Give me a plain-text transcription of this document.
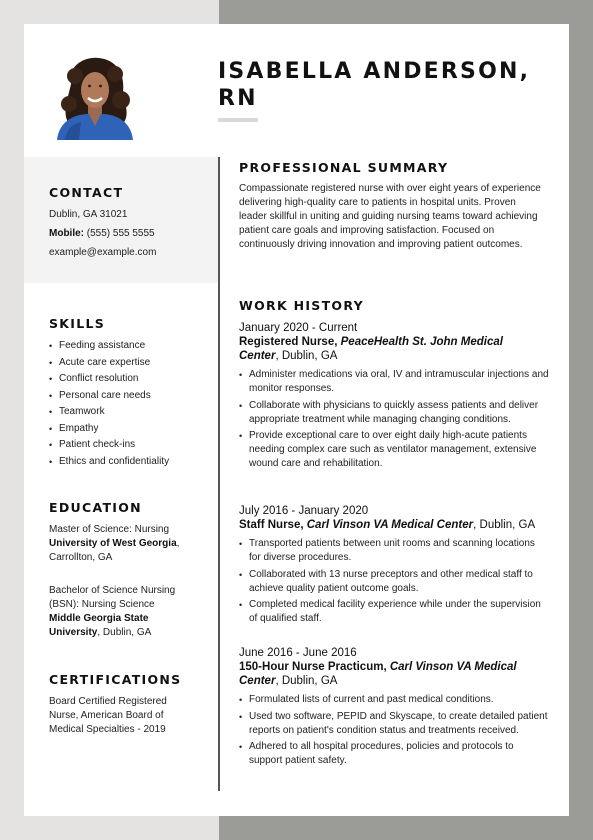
ISABELLA ANDERSON,
RN
CONTACT
Dublin, GA 31021
Mobile: (555) 555 5555
example@example.com
SKILLS
• Feeding assistance
• Acute care expertise
• Conflict resolution
• Personal care needs
• Teamwork
• Empathy
• Patient check-ins
• Ethics and confidentiality
EDUCATION
Master of Science: Nursing
University of West Georgia, Carrollton, GA
Bachelor of Science Nursing (BSN): Nursing Science
Middle Georgia State University, Dublin, GA
CERTIFICATIONS
Board Certified Registered Nurse, American Board of Medical Specialties - 2019
PROFESSIONAL SUMMARY
Compassionate registered nurse with over eight years of experience delivering high-quality care to patients in hospital units. Proven leader skillful in uniting and guiding nursing teams toward achieving patient care goals and improving satisfaction. Focused on continuously driving innovation and improving patient outcomes.
WORK HISTORY
January 2020 - Current
Registered Nurse, PeaceHealth St. John Medical Center, Dublin, GA
• Administer medications via oral, IV and intramuscular injections and monitor responses.
• Collaborate with physicians to quickly assess patients and deliver appropriate treatment while managing changing conditions.
• Provide exceptional care to over eight daily high-acute patients needing complex care such as ventilator management, extensive wound care and rehabilitation.
July 2016 - January 2020
Staff Nurse, Carl Vinson VA Medical Center, Dublin, GA
• Transported patients between unit rooms and scanning locations for diverse procedures.
• Collaborated with 13 nurse preceptors and other medical staff to achieve quality patient outcome goals.
• Completed medical facility experience while under the supervision of qualified staff.
June 2016 - June 2016
150-Hour Nurse Practicum, Carl Vinson VA Medical Center, Dublin, GA
• Formulated lists of current and past medical conditions.
• Used two software, PEPID and Skyscape, to create detailed patient reports on patient's condition status and treatments received.
• Adhered to all hospital procedures, policies and protocols to support patient safety.
